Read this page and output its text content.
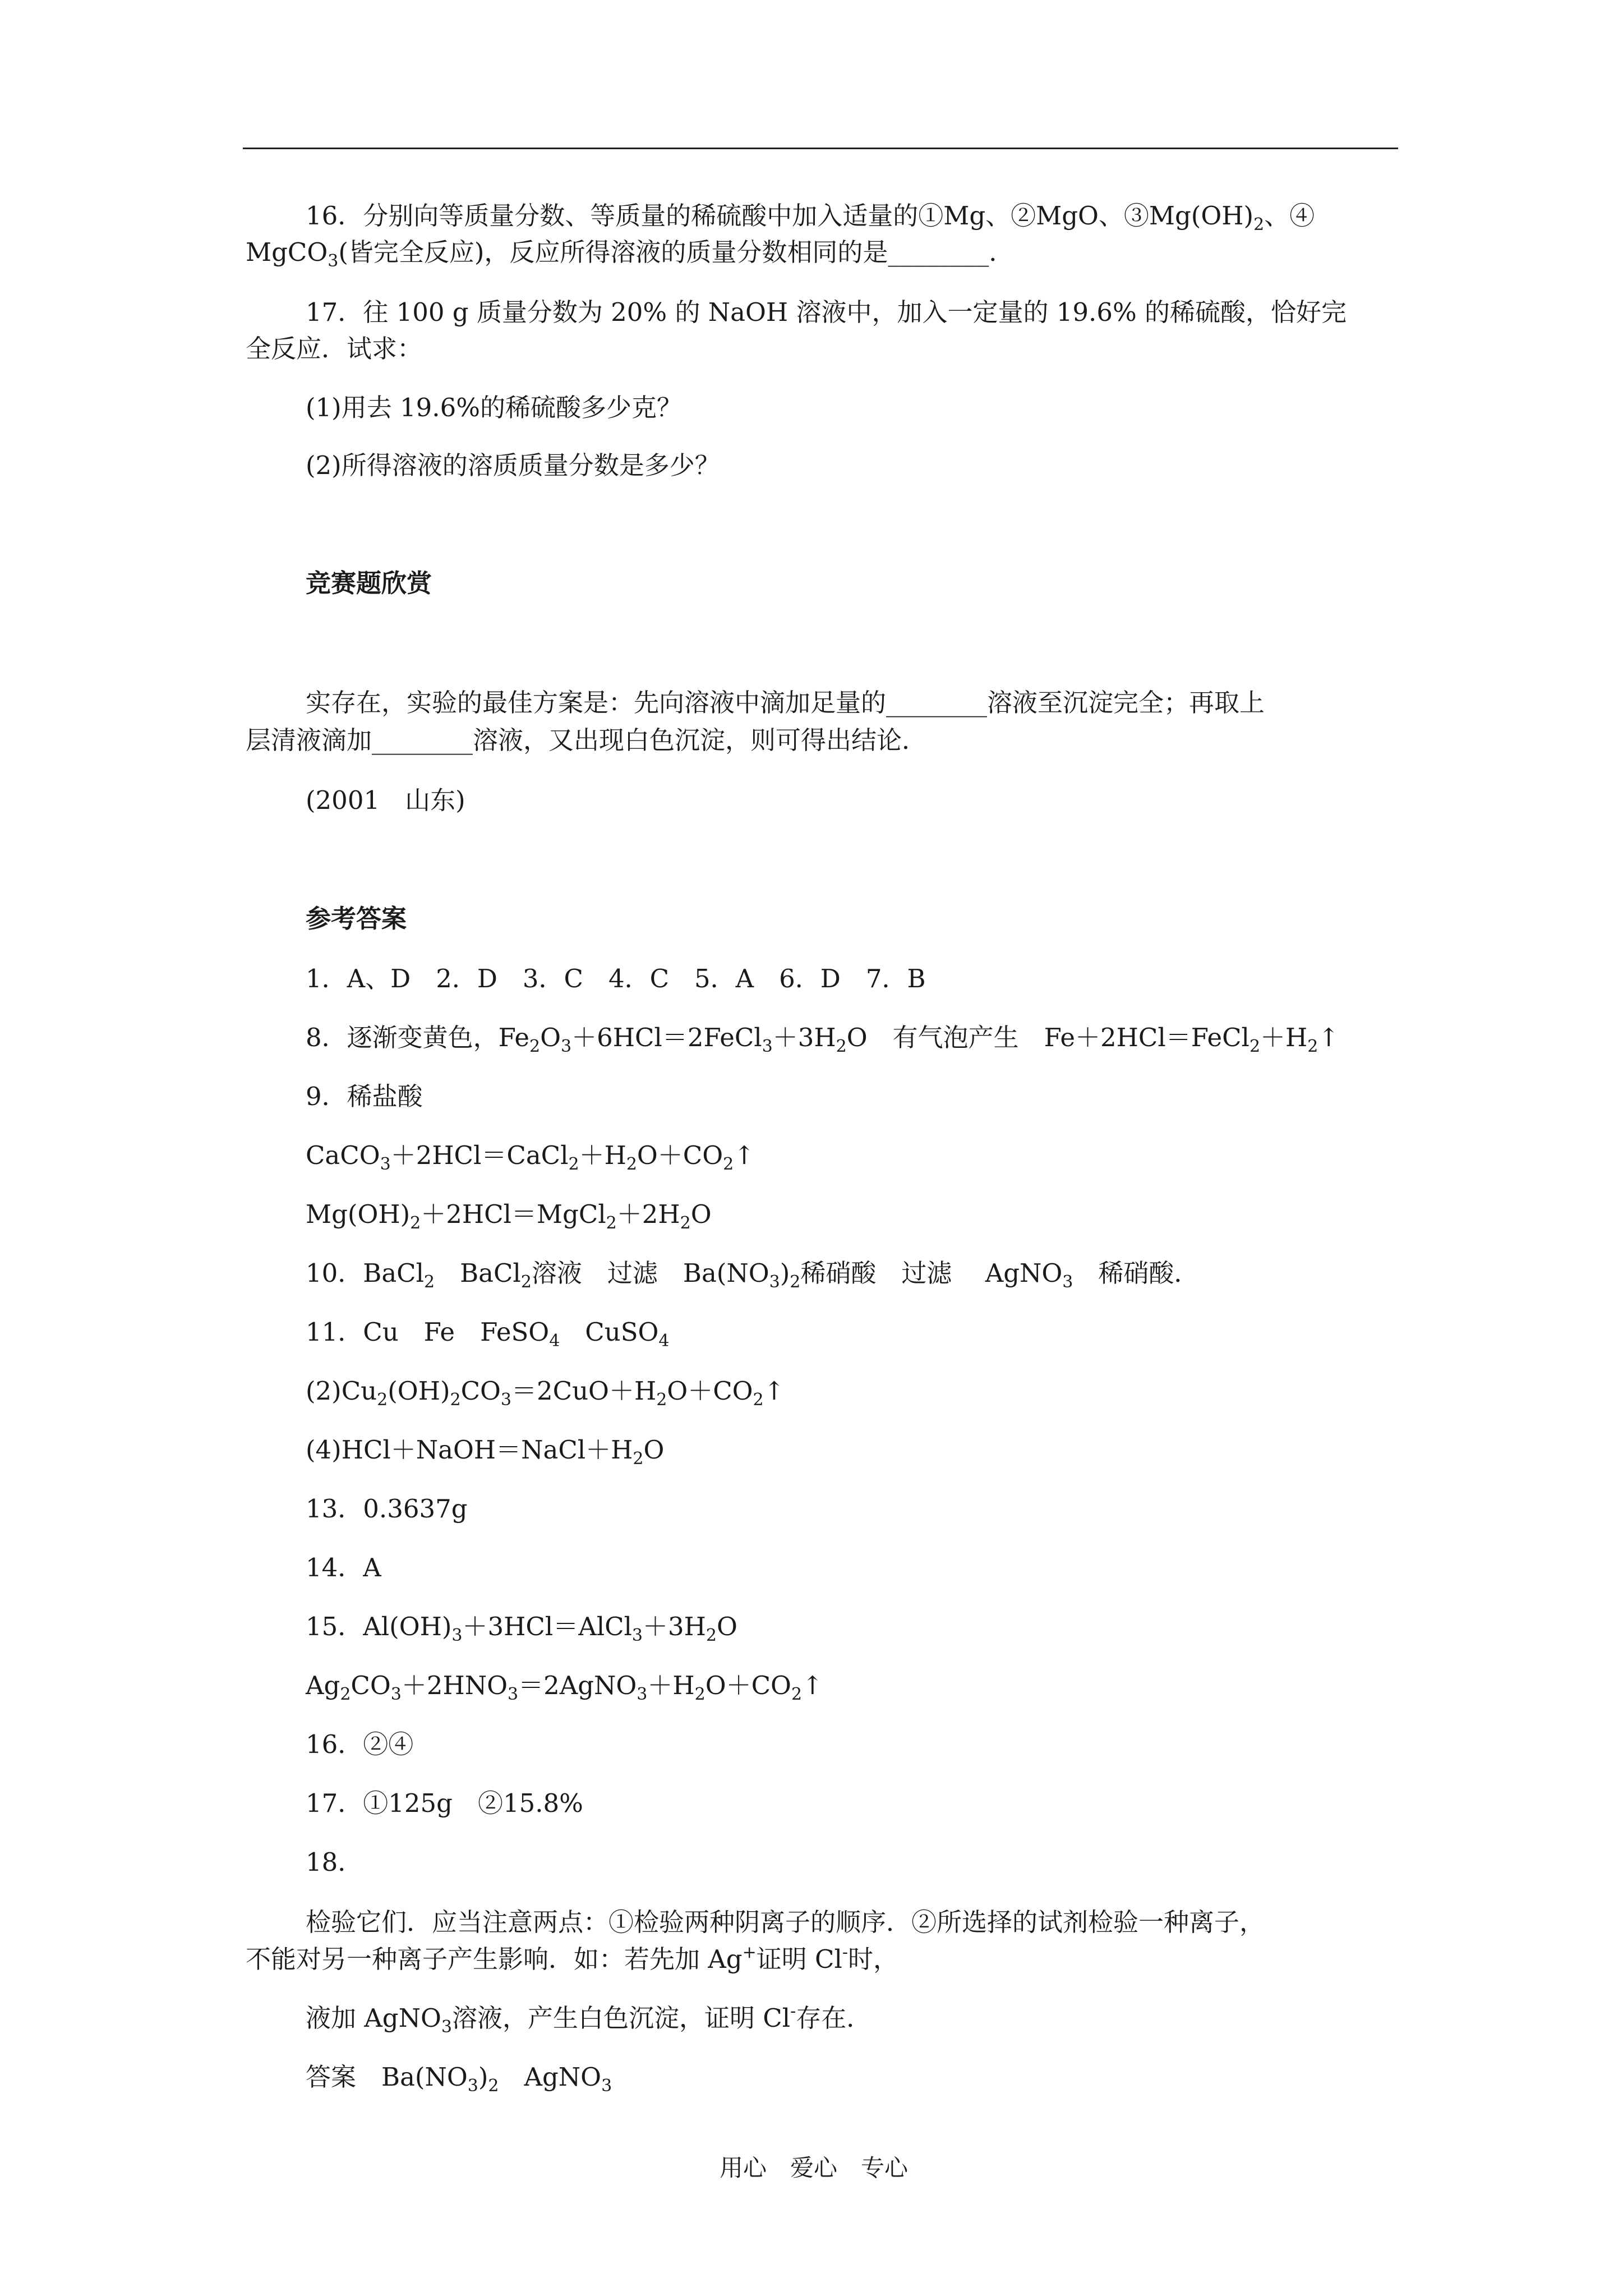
16．分别向等质量分数、等质量的稀硫酸中加入适量的①Mg、②MgO、$③Mg(OH)_2$、④
MgCO$_3$(皆完全反应)，反应所得溶液的质量分数相同的是________．
17．往 100 g 质量分数为 20% 的 NaOH 溶液中，加入一定量的 19.6% 的稀硫酸，恰好完
全反应．试求：
(1)用去 19.6%的稀硫酸多少克？
(2)所得溶液的溶质质量分数是多少？
竞赛题欣赏
实存在，实验的最佳方案是：先向溶液中滴加足量的________溶液至沉淀完全；再取上
层清液滴加________溶液，又出现白色沉淀，则可得出结论．
(2001　山东)
参考答案
1．A、D　2．D　3．C　4．C　5．A　6．D　7．B
8．逐渐变黄色，$Fe_2O_3+6HCl=2FeCl_3+3H_2O$　有气泡产生　$Fe+2HCl=FeCl_2+H_2↑$
9．稀盐酸
$CaCO_3+2HCl=CaCl_2+H_2O+CO_2↑$
$Mg(OH)_2+2HCl=MgCl_2+2H_2O$
10．BaCl$_2$　BaCl$_2$溶液　过滤　$Ba(NO_3)_2$稀硝酸　过滤　 AgNO$_3$　稀硝酸．
11．Cu　Fe　FeSO$_4$　CuSO$_4$
$(2)Cu_2(OH)_2CO_3=2CuO+H_2O+CO_2↑$
$(4)HCl+NaOH=NaCl+H_2O$
13．0.3637g
14．A
15．$Al(OH)_3+3HCl=AlCl_3+3H_2O$
$Ag_2CO_3+2HNO_3=2AgNO_3+H_2O+CO_2↑$
16．②④
17．①125g　②15.8%
18．
检验它们．应当注意两点：①检验两种阴离子的顺序．②所选择的试剂检验一种离子，
不能对另一种离子产生影响．如：若先加 Ag+证明 Cl-时，
液加 AgNO$_3$溶液，产生白色沉淀，证明 Cl-存在．
答案　$Ba(NO_3)_2$　AgNO$_3$
用心　爱心　专心
